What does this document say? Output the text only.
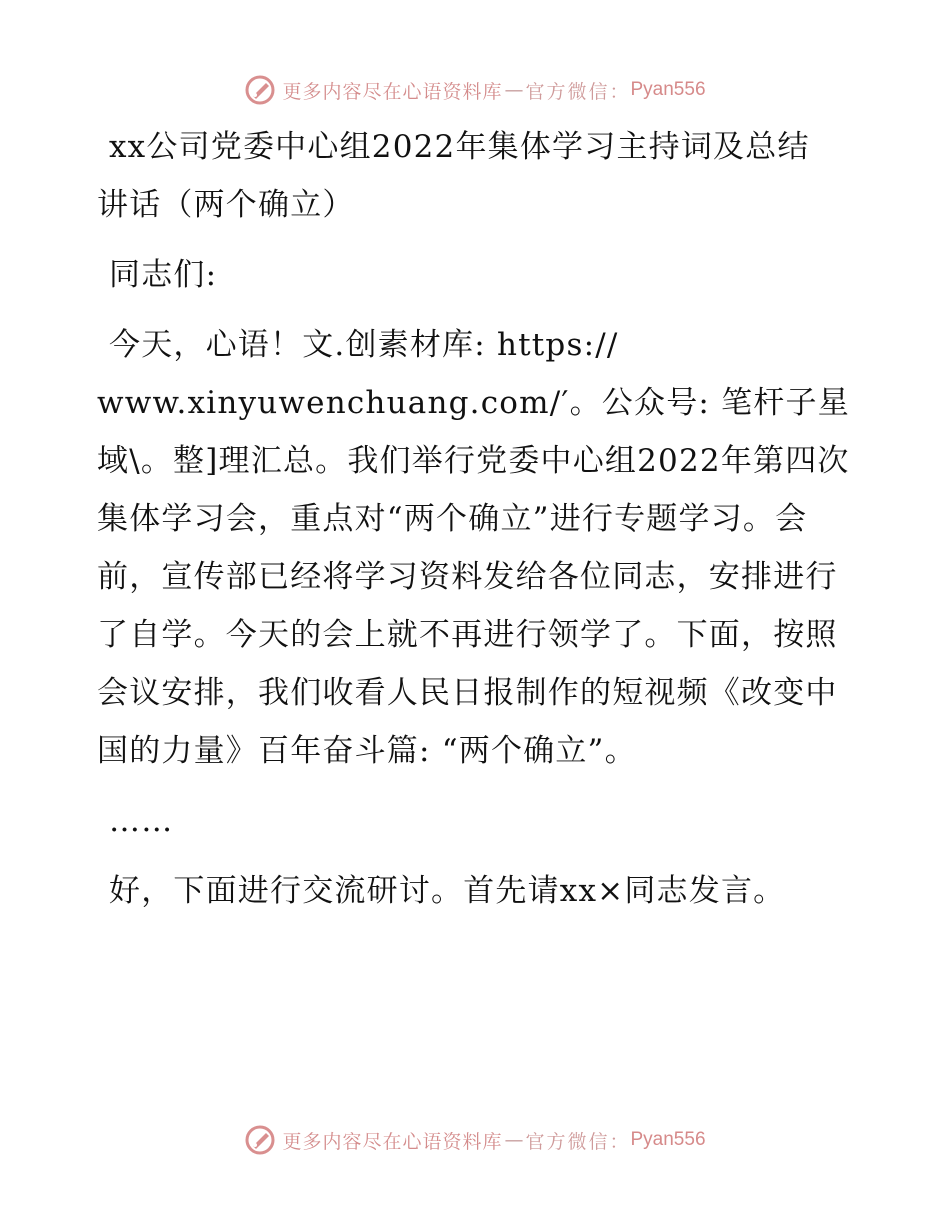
更多内容尽在心语资料库 — 官方微信： Pyan556

xx公司党委中心组2022年集体学习主持词及总结
讲话（两个确立）

同志们:

今天，心语！文.创素材库: https://
www.xinyuwenchuang.com/′。公众号: 笔杆子星域\。整]理汇总。我们举行党委中心组2022年第四次集体学习会，重点对“两个确立”进行专题学习。会前，宣传部已经将学习资料发给各位同志，安排进行了自学。今天的会上就不再进行领学了。下面，按照会议安排，我们收看人民日报制作的短视频《改变中国的力量》百年奋斗篇: “两个确立”。

……

好，下面进行交流研讨。首先请xx×同志发言。

更多内容尽在心语资料库 — 官方微信： Pyan556
